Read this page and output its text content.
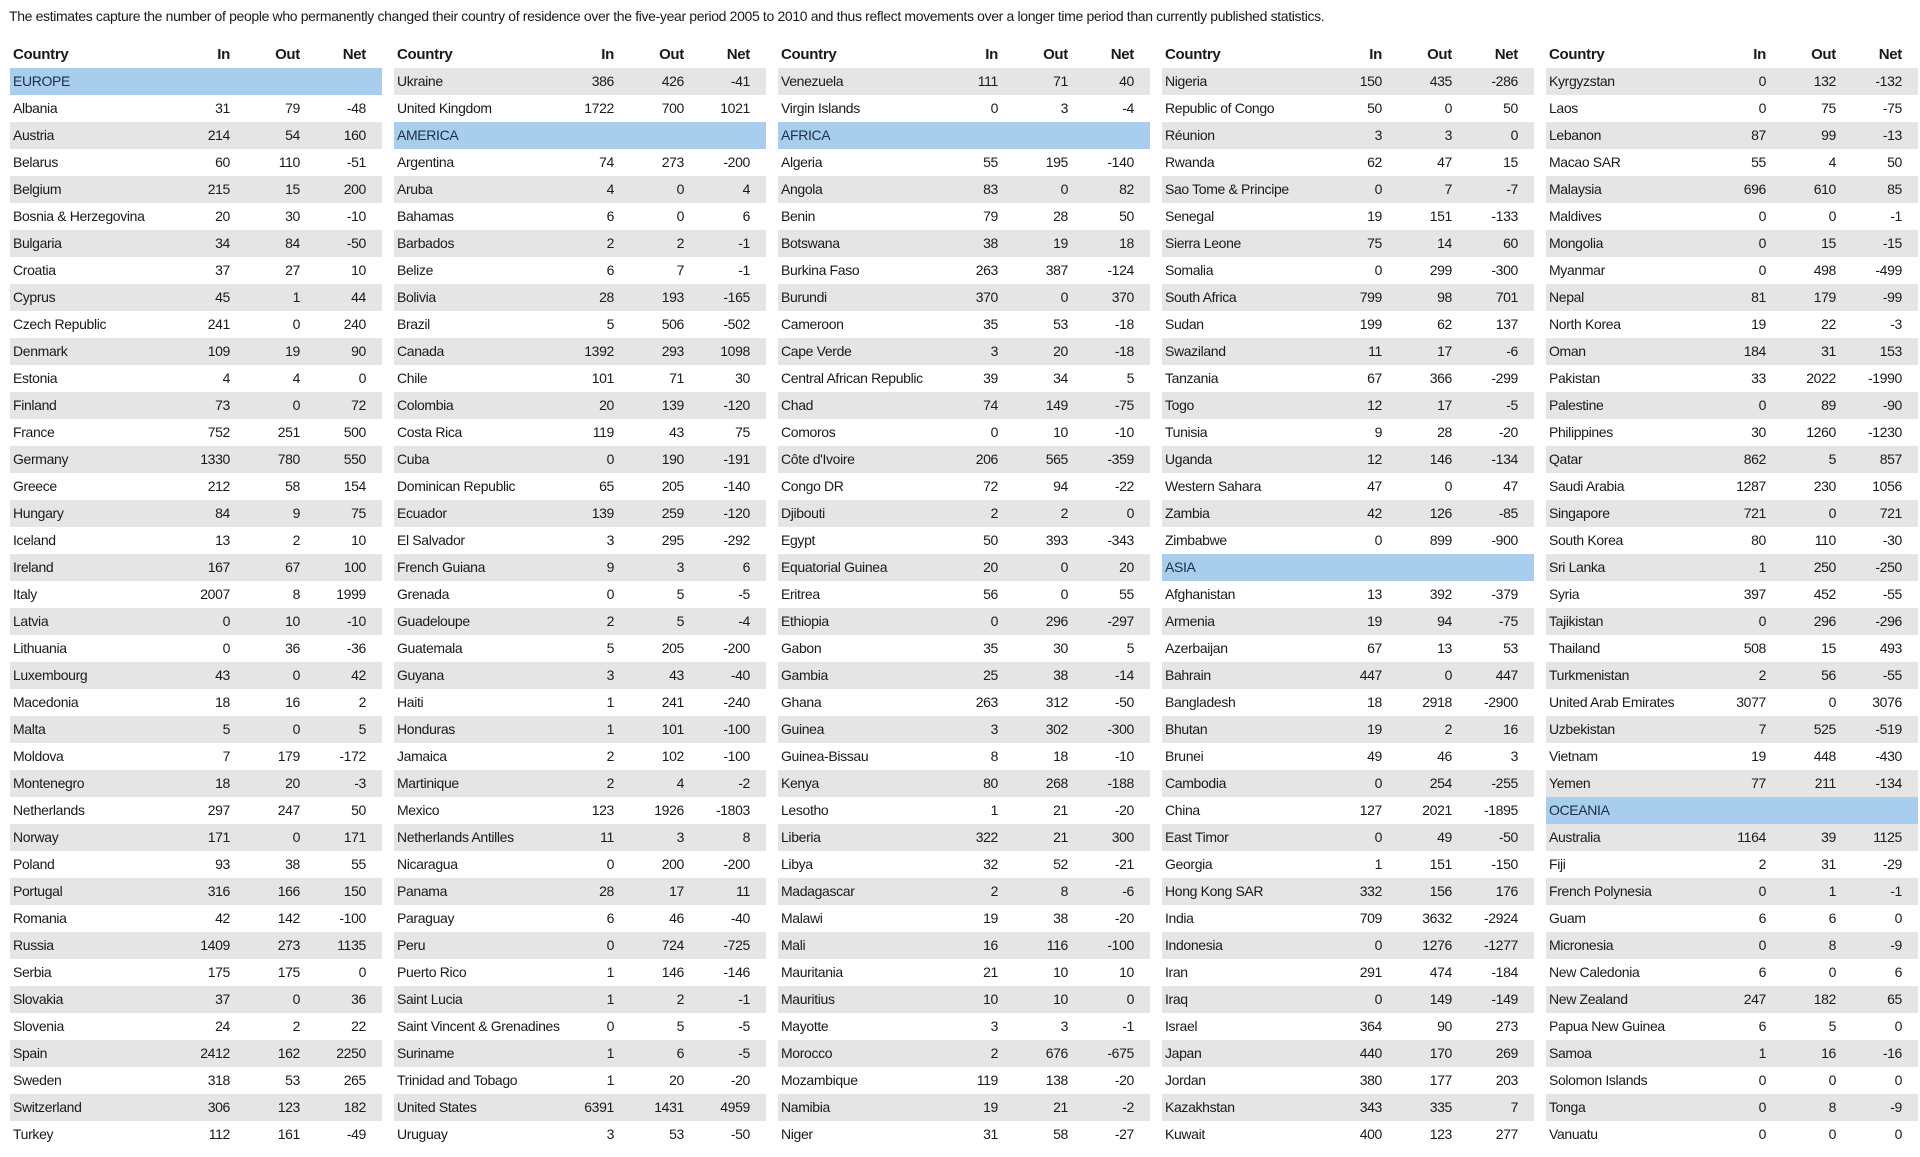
The estimates capture the number of people who permanently changed their country of residence over the five-year period 2005 to 2010 and thus reflect movements over a longer time period than currently published statistics.
Country	In	Out	Net
EUROPE
Albania	31	79	-48
Austria	214	54	160
Belarus	60	110	-51
Belgium	215	15	200
Bosnia & Herzegovina	20	30	-10
Bulgaria	34	84	-50
Croatia	37	27	10
Cyprus	45	1	44
Czech Republic	241	0	240
Denmark	109	19	90
Estonia	4	4	0
Finland	73	0	72
France	752	251	500
Germany	1330	780	550
Greece	212	58	154
Hungary	84	9	75
Iceland	13	2	10
Ireland	167	67	100
Italy	2007	8	1999
Latvia	0	10	-10
Lithuania	0	36	-36
Luxembourg	43	0	42
Macedonia	18	16	2
Malta	5	0	5
Moldova	7	179	-172
Montenegro	18	20	-3
Netherlands	297	247	50
Norway	171	0	171
Poland	93	38	55
Portugal	316	166	150
Romania	42	142	-100
Russia	1409	273	1135
Serbia	175	175	0
Slovakia	37	0	36
Slovenia	24	2	22
Spain	2412	162	2250
Sweden	318	53	265
Switzerland	306	123	182
Turkey	112	161	-49
Country	In	Out	Net
Ukraine	386	426	-41
United Kingdom	1722	700	1021
AMERICA
Argentina	74	273	-200
Aruba	4	0	4
Bahamas	6	0	6
Barbados	2	2	-1
Belize	6	7	-1
Bolivia	28	193	-165
Brazil	5	506	-502
Canada	1392	293	1098
Chile	101	71	30
Colombia	20	139	-120
Costa Rica	119	43	75
Cuba	0	190	-191
Dominican Republic	65	205	-140
Ecuador	139	259	-120
El Salvador	3	295	-292
French Guiana	9	3	6
Grenada	0	5	-5
Guadeloupe	2	5	-4
Guatemala	5	205	-200
Guyana	3	43	-40
Haiti	1	241	-240
Honduras	1	101	-100
Jamaica	2	102	-100
Martinique	2	4	-2
Mexico	123	1926	-1803
Netherlands Antilles	11	3	8
Nicaragua	0	200	-200
Panama	28	17	11
Paraguay	6	46	-40
Peru	0	724	-725
Puerto Rico	1	146	-146
Saint Lucia	1	2	-1
Saint Vincent & Grenadines	0	5	-5
Suriname	1	6	-5
Trinidad and Tobago	1	20	-20
United States	6391	1431	4959
Uruguay	3	53	-50
Country	In	Out	Net
Venezuela	111	71	40
Virgin Islands	0	3	-4
AFRICA
Algeria	55	195	-140
Angola	83	0	82
Benin	79	28	50
Botswana	38	19	18
Burkina Faso	263	387	-124
Burundi	370	0	370
Cameroon	35	53	-18
Cape Verde	3	20	-18
Central African Republic	39	34	5
Chad	74	149	-75
Comoros	0	10	-10
Côte d'Ivoire	206	565	-359
Congo DR	72	94	-22
Djibouti	2	2	0
Egypt	50	393	-343
Equatorial Guinea	20	0	20
Eritrea	56	0	55
Ethiopia	0	296	-297
Gabon	35	30	5
Gambia	25	38	-14
Ghana	263	312	-50
Guinea	3	302	-300
Guinea-Bissau	8	18	-10
Kenya	80	268	-188
Lesotho	1	21	-20
Liberia	322	21	300
Libya	32	52	-21
Madagascar	2	8	-6
Malawi	19	38	-20
Mali	16	116	-100
Mauritania	21	10	10
Mauritius	10	10	0
Mayotte	3	3	-1
Morocco	2	676	-675
Mozambique	119	138	-20
Namibia	19	21	-2
Niger	31	58	-27
Country	In	Out	Net
Nigeria	150	435	-286
Republic of Congo	50	0	50
Réunion	3	3	0
Rwanda	62	47	15
Sao Tome & Principe	0	7	-7
Senegal	19	151	-133
Sierra Leone	75	14	60
Somalia	0	299	-300
South Africa	799	98	701
Sudan	199	62	137
Swaziland	11	17	-6
Tanzania	67	366	-299
Togo	12	17	-5
Tunisia	9	28	-20
Uganda	12	146	-134
Western Sahara	47	0	47
Zambia	42	126	-85
Zimbabwe	0	899	-900
ASIA
Afghanistan	13	392	-379
Armenia	19	94	-75
Azerbaijan	67	13	53
Bahrain	447	0	447
Bangladesh	18	2918	-2900
Bhutan	19	2	16
Brunei	49	46	3
Cambodia	0	254	-255
China	127	2021	-1895
East Timor	0	49	-50
Georgia	1	151	-150
Hong Kong SAR	332	156	176
India	709	3632	-2924
Indonesia	0	1276	-1277
Iran	291	474	-184
Iraq	0	149	-149
Israel	364	90	273
Japan	440	170	269
Jordan	380	177	203
Kazakhstan	343	335	7
Kuwait	400	123	277
Country	In	Out	Net
Kyrgyzstan	0	132	-132
Laos	0	75	-75
Lebanon	87	99	-13
Macao SAR	55	4	50
Malaysia	696	610	85
Maldives	0	0	-1
Mongolia	0	15	-15
Myanmar	0	498	-499
Nepal	81	179	-99
North Korea	19	22	-3
Oman	184	31	153
Pakistan	33	2022	-1990
Palestine	0	89	-90
Philippines	30	1260	-1230
Qatar	862	5	857
Saudi Arabia	1287	230	1056
Singapore	721	0	721
South Korea	80	110	-30
Sri Lanka	1	250	-250
Syria	397	452	-55
Tajikistan	0	296	-296
Thailand	508	15	493
Turkmenistan	2	56	-55
United Arab Emirates	3077	0	3076
Uzbekistan	7	525	-519
Vietnam	19	448	-430
Yemen	77	211	-134
OCEANIA
Australia	1164	39	1125
Fiji	2	31	-29
French Polynesia	0	1	-1
Guam	6	6	0
Micronesia	0	8	-9
New Caledonia	6	0	6
New Zealand	247	182	65
Papua New Guinea	6	5	0
Samoa	1	16	-16
Solomon Islands	0	0	0
Tonga	0	8	-9
Vanuatu	0	0	0
